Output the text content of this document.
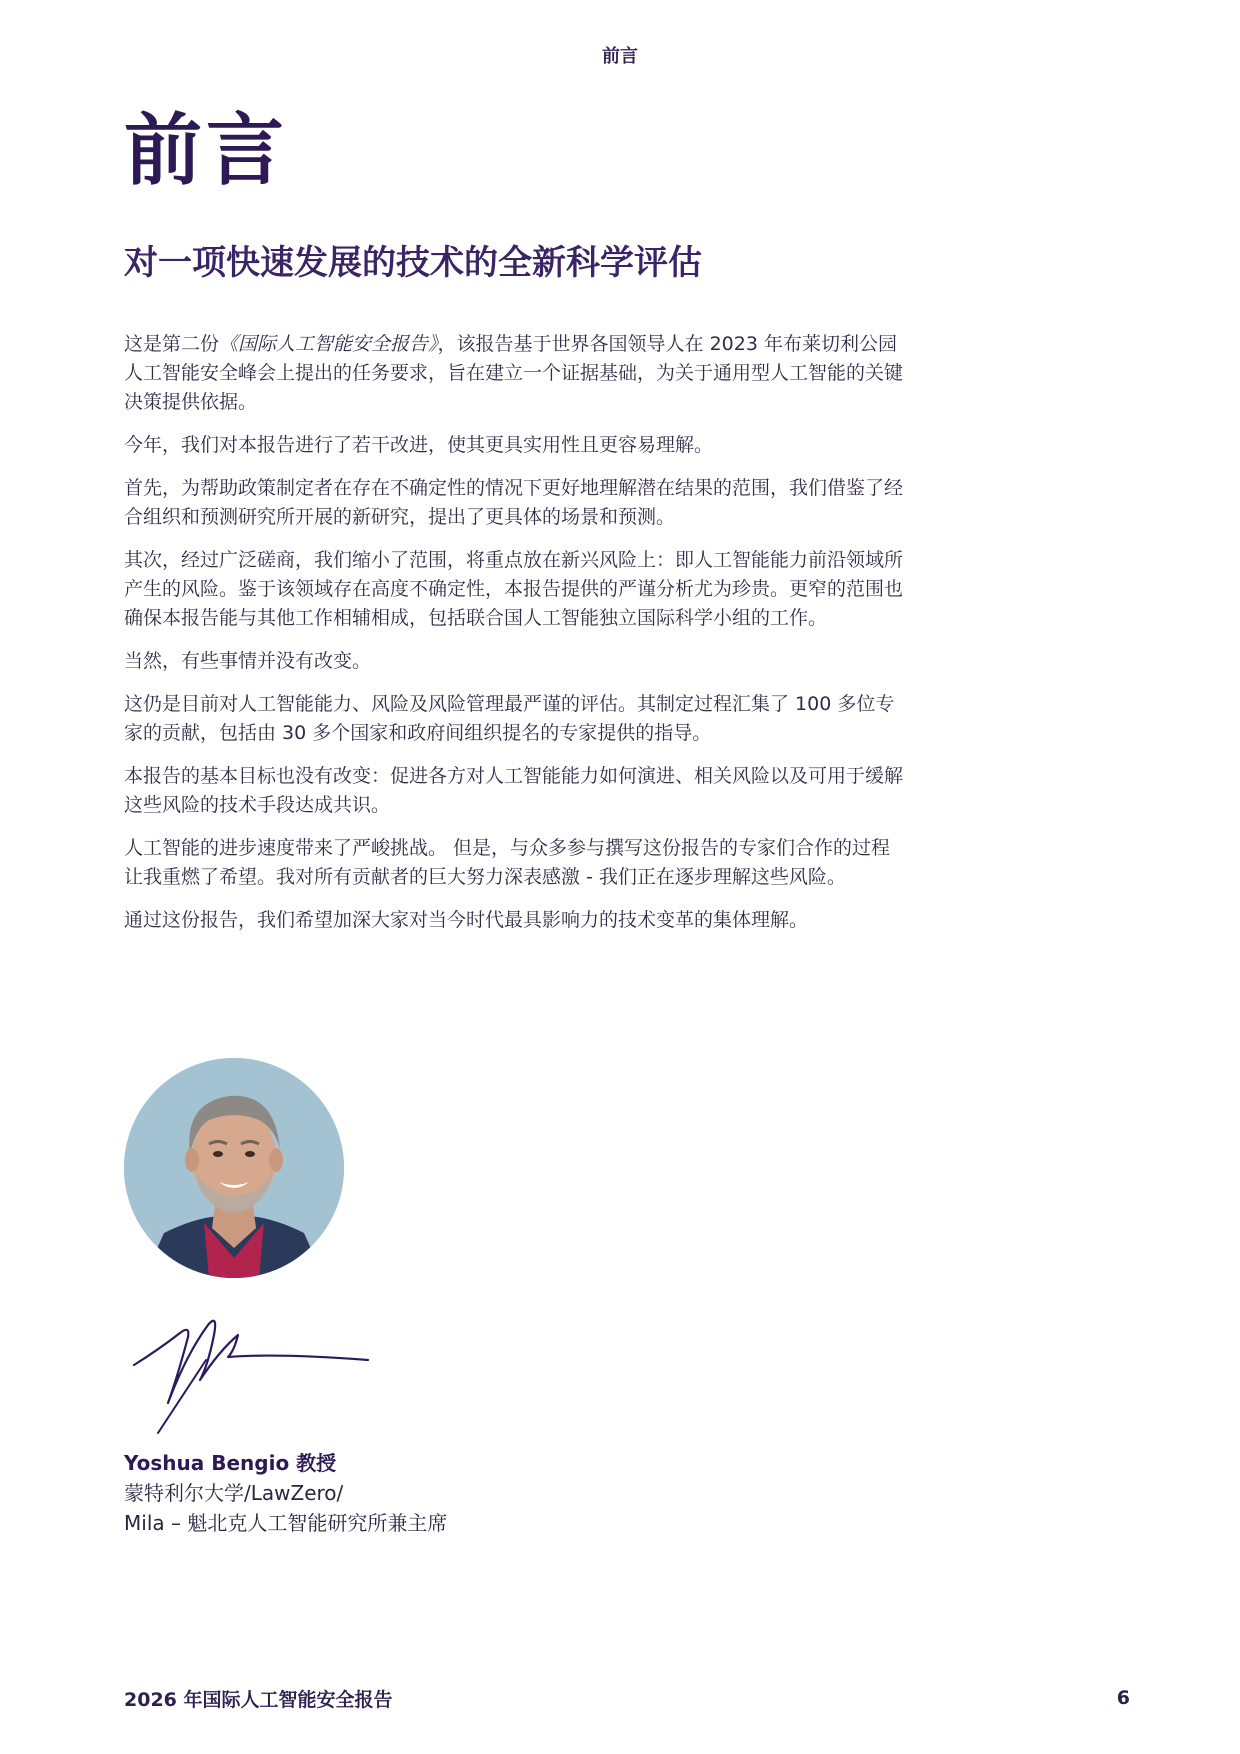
前言
前言
对一项快速发展的技术的全新科学评估

这是第二份《国际人工智能安全报告》，该报告基于世界各国领导人在 2023 年布莱切利公园人工智能安全峰会上提出的任务要求，旨在建立一个证据基础，为关于通用型人工智能的关键决策提供依据。

今年，我们对本报告进行了若干改进，使其更具实用性且更容易理解。

首先，为帮助政策制定者在存在不确定性的情况下更好地理解潜在结果的范围，我们借鉴了经合组织和预测研究所开展的新研究，提出了更具体的场景和预测。

其次，经过广泛磋商，我们缩小了范围，将重点放在新兴风险上：即人工智能能力前沿领域所产生的风险。鉴于该领域存在高度不确定性，本报告提供的严谨分析尤为珍贵。更窄的范围也确保本报告能与其他工作相辅相成，包括联合国人工智能独立国际科学小组的工作。

当然，有些事情并没有改变。

这仍是目前对人工智能能力、风险及风险管理最严谨的评估。其制定过程汇集了 100 多位专家的贡献，包括由 30 多个国家和政府间组织提名的专家提供的指导。

本报告的基本目标也没有改变：促进各方对人工智能能力如何演进、相关风险以及可用于缓解这些风险的技术手段达成共识。

人工智能的进步速度带来了严峻挑战。 但是，与众多参与撰写这份报告的专家们合作的过程让我重燃了希望。我对所有贡献者的巨大努力深表感激 - 我们正在逐步理解这些风险。

通过这份报告，我们希望加深大家对当今时代最具影响力的技术变革的集体理解。

Yoshua Bengio 教授
蒙特利尔大学/LawZero/
Mila – 魁北克人工智能研究所兼主席
2026 年国际人工智能安全报告	6
